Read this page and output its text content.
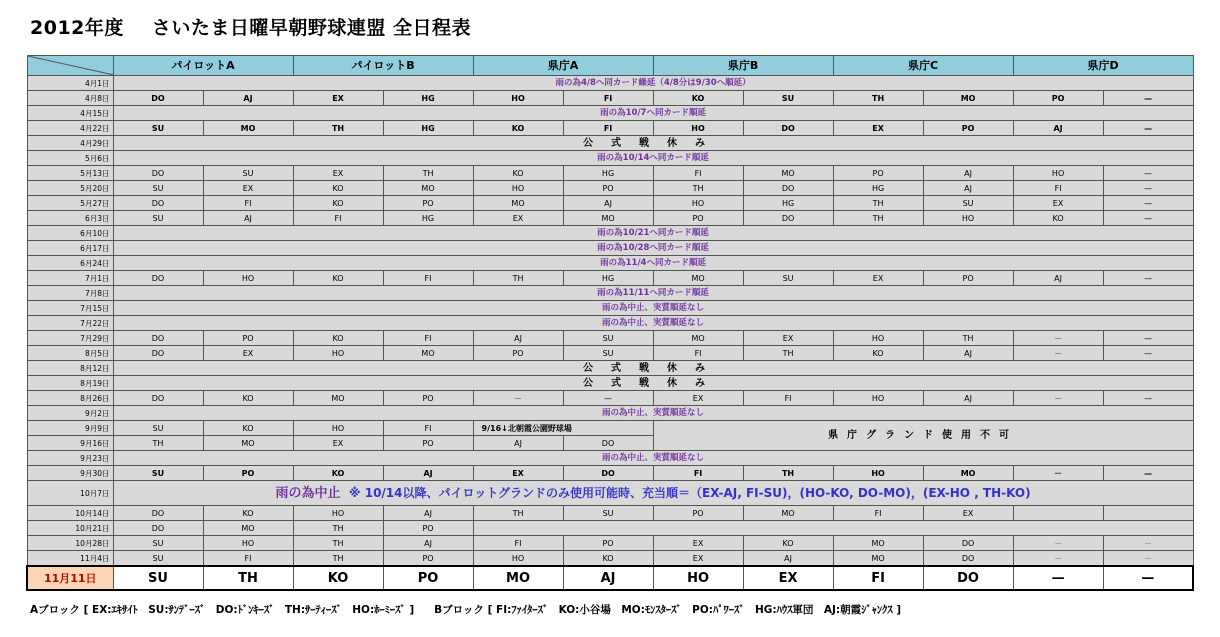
2012年度 さいたま日曜早朝野球連盟 全日程表
	パイロットA		パイロットB		県庁A		県庁B		県庁C		県庁D	
4月1日	雨の為4/8へ同カード繰延（4/8分は9/30へ順延）											
4月8日	DO	AJ	EX	HG	HO	FI	KO	SU	TH	MO	PO	—
4月15日	雨の為10/7へ同カード順延											
4月22日	SU	MO	TH	HG	KO	FI	HO	DO	EX	PO	AJ	—
4月29日	公式戦休み											
5月6日	雨の為10/14へ同カード順延											
5月13日	DO	SU	EX	TH	KO	HG	FI	MO	PO	AJ	HO	—
5月20日	SU	EX	KO	MO	HO	PO	TH	DO	HG	AJ	FI	—
5月27日	DO	FI	KO	PO	MO	AJ	HO	HG	TH	SU	EX	—
6月3日	SU	AJ	FI	HG	EX	MO	PO	DO	TH	HO	KO	—
6月10日	雨の為10/21へ同カード順延											
6月17日	雨の為10/28へ同カード順延											
6月24日	雨の為11/4へ同カード順延											
7月1日	DO	HO	KO	FI	TH	HG	MO	SU	EX	PO	AJ	—
7月8日	雨の為11/11へ同カード順延											
7月15日	雨の為中止、実質順延なし											
7月22日	雨の為中止、実質順延なし											
7月29日	DO	PO	KO	FI	AJ	SU	MO	EX	HO	TH	－	—
8月5日	DO	EX	HO	MO	PO	SU	FI	TH	KO	AJ	－	—
8月12日	公式戦休み											
8月19日	公式戦休み											
8月26日	DO	KO	MO	PO	－	—	EX	FI	HO	AJ	－	—
9月2日	雨の為中止、実質順延なし											
9月9日	SU	KO	HO	FI	9/16↓北朝霞公園野球場		県庁グランド使用不可					
9月16日	TH	MO	EX	PO	AJ	DO						
9月23日	雨の為中止、実質順延なし											
9月30日	SU	PO	KO	AJ	EX	DO	FI	TH	HO	MO	－	—
10月7日	雨の為中止 ※ 10/14以降、パイロットグランドのみ使用可能時、充当順＝（EX-AJ, FI-SU)，(HO-KO, DO-MO)，(EX-HO , TH-KO)											
10月14日	DO	KO	HO	AJ	TH	SU	PO	MO	FI	EX		
10月21日	DO	MO	TH	PO								
10月28日	SU	HO	TH	AJ	FI	PO	EX	KO	MO	DO	－	－
11月4日	SU	FI	TH	PO	HO	KO	EX	AJ	MO	DO	－	－
11月11日	SU	TH	KO	PO	MO	AJ	HO	EX	FI	DO	—	—
Aブロック [ EX:ｴｷｻｲﾄ　SU:ｻﾝﾃﾞｰｽﾞ　DO:ﾄﾞﾝｷｰｽﾞ　TH:ｻｰﾃｨｰｽﾞ　HO:ﾎｰﾐｰｽﾞ ] Bブロック [ FI:ﾌｧｲﾀｰｽﾞ　KO:小谷場　MO:ﾓﾝｽﾀｰｽﾞ　PO:ﾊﾟﾜｰｽﾞ　HG:ﾊｳｽ軍団　AJ:朝霞ｼﾞｬﾝｸｽ ]
